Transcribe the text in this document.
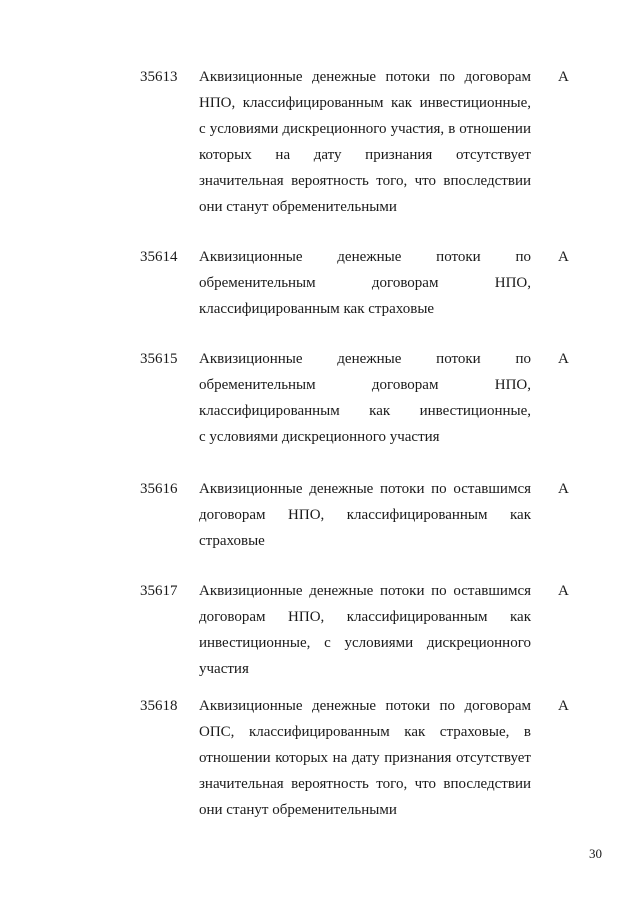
35613 Аквизиционные денежные потоки по договорам
НПО, классифицированным как инвестиционные,
с условиями дискреционного участия, в отношении
которых на дату признания отсутствует
значительная вероятность того, что впоследствии
они станут обременительными
А
35614 Аквизиционные денежные потоки по
обременительным договорам НПО,
классифицированным как страховые
А
35615 Аквизиционные денежные потоки по
обременительным договорам НПО,
классифицированным как инвестиционные,
с условиями дискреционного участия
А
35616 Аквизиционные денежные потоки по оставшимся
договорам НПО, классифицированным как
страховые
А
35617 Аквизиционные денежные потоки по оставшимся
договорам НПО, классифицированным как
инвестиционные, с условиями дискреционного
участия
А
35618 Аквизиционные денежные потоки по договорам
ОПС, классифицированным как страховые, в
отношении которых на дату признания отсутствует
значительная вероятность того, что впоследствии
они станут обременительными
А
30
